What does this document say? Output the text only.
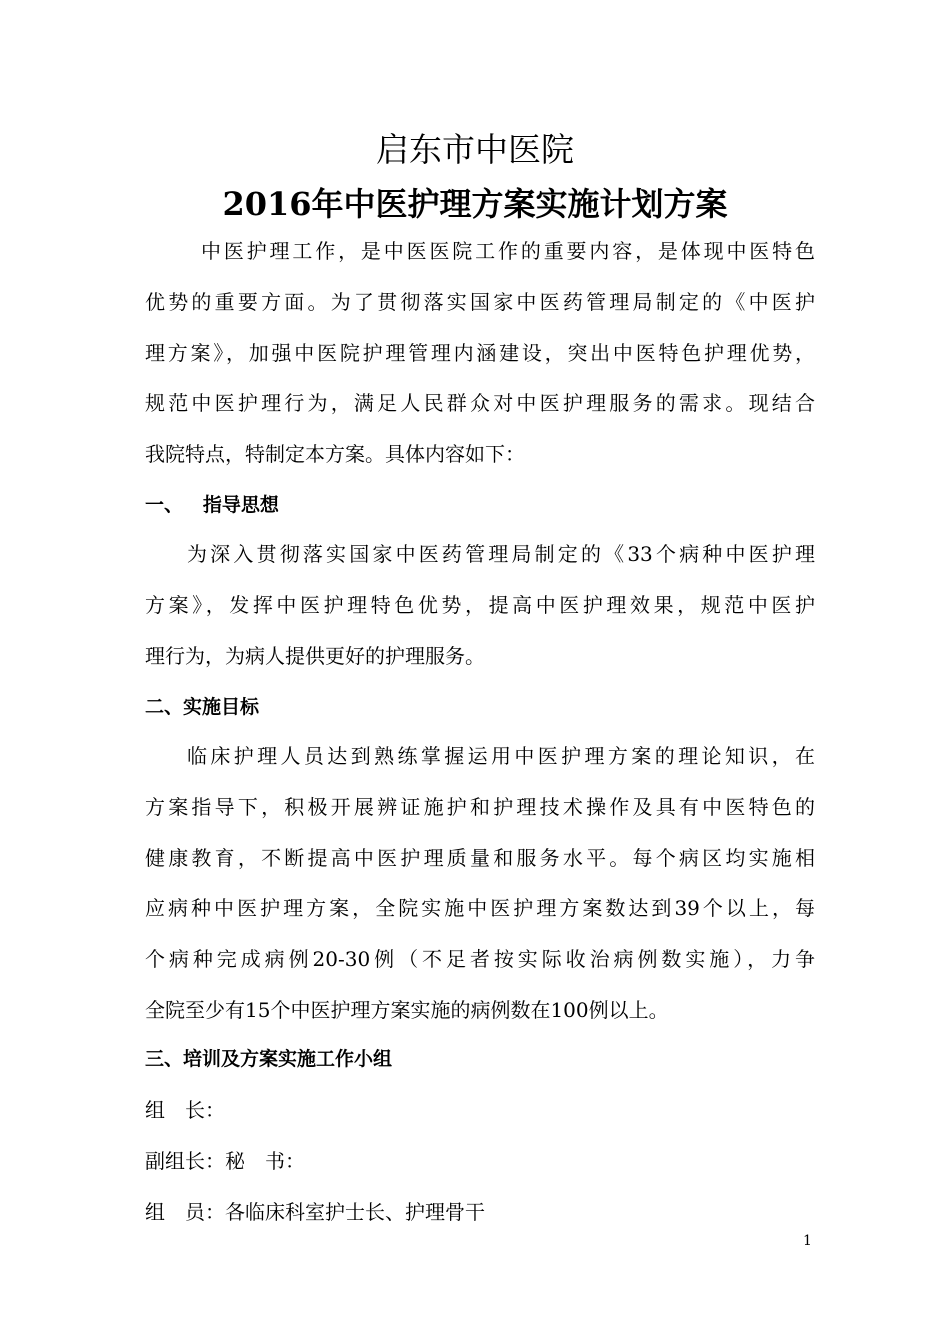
启东市中医院
2016年中医护理方案实施计划方案
中医护理工作，是中医医院工作的重要内容，是体现中医特色
优势的重要方面。为了贯彻落实国家中医药管理局制定的《中医护
理方案》，加强中医院护理管理内涵建设，突出中医特色护理优势，
规范中医护理行为，满足人民群众对中医护理服务的需求。现结合
我院特点，特制定本方案。具体内容如下：
一、   指导思想
为深入贯彻落实国家中医药管理局制定的《33个病种中医护理
方案》，发挥中医护理特色优势，提高中医护理效果，规范中医护
理行为，为病人提供更好的护理服务。
二、实施目标
临床护理人员达到熟练掌握运用中医护理方案的理论知识，在
方案指导下，积极开展辨证施护和护理技术操作及具有中医特色的
健康教育，不断提高中医护理质量和服务水平。每个病区均实施相
应病种中医护理方案，全院实施中医护理方案数达到39个以上，每
个病种完成病例20-30例（不足者按实际收治病例数实施），力争
全院至少有15个中医护理方案实施的病例数在100例以上。
三、培训及方案实施工作小组
组　长：
副组长：秘　书：
组　员：各临床科室护士长、护理骨干
1
